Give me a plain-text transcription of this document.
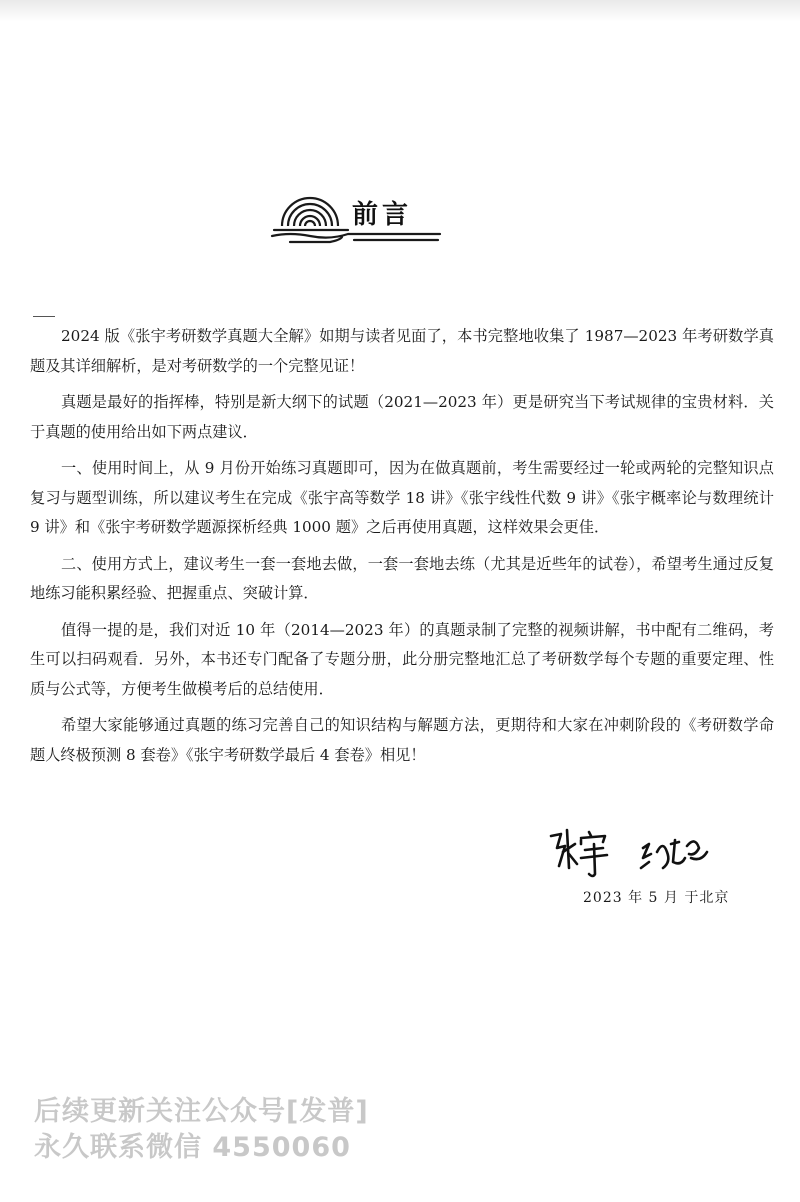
前言

2024 版《张宇考研数学真题大全解》如期与读者见面了，本书完整地收集了 1987—2023 年考研数学真题及其详细解析，是对考研数学的一个完整见证！

真题是最好的指挥棒，特别是新大纲下的试题（2021—2023 年）更是研究当下考试规律的宝贵材料．关于真题的使用给出如下两点建议．

一、使用时间上，从 9 月份开始练习真题即可，因为在做真题前，考生需要经过一轮或两轮的完整知识点复习与题型训练，所以建议考生在完成《张宇高等数学 18 讲》《张宇线性代数 9 讲》《张宇概率论与数理统计 9 讲》和《张宇考研数学题源探析经典 1000 题》之后再使用真题，这样效果会更佳．

二、使用方式上，建议考生一套一套地去做，一套一套地去练（尤其是近些年的试卷），希望考生通过反复地练习能积累经验、把握重点、突破计算．

值得一提的是，我们对近 10 年（2014—2023 年）的真题录制了完整的视频讲解，书中配有二维码，考生可以扫码观看．另外，本书还专门配备了专题分册，此分册完整地汇总了考研数学每个专题的重要定理、性质与公式等，方便考生做模考后的总结使用．

希望大家能够通过真题的练习完善自己的知识结构与解题方法，更期待和大家在冲刺阶段的《考研数学命题人终极预测 8 套卷》《张宇考研数学最后 4 套卷》相见！

2023 年 5 月 于北京
后续更新关注公众号[发普]
永久联系微信 4550060
